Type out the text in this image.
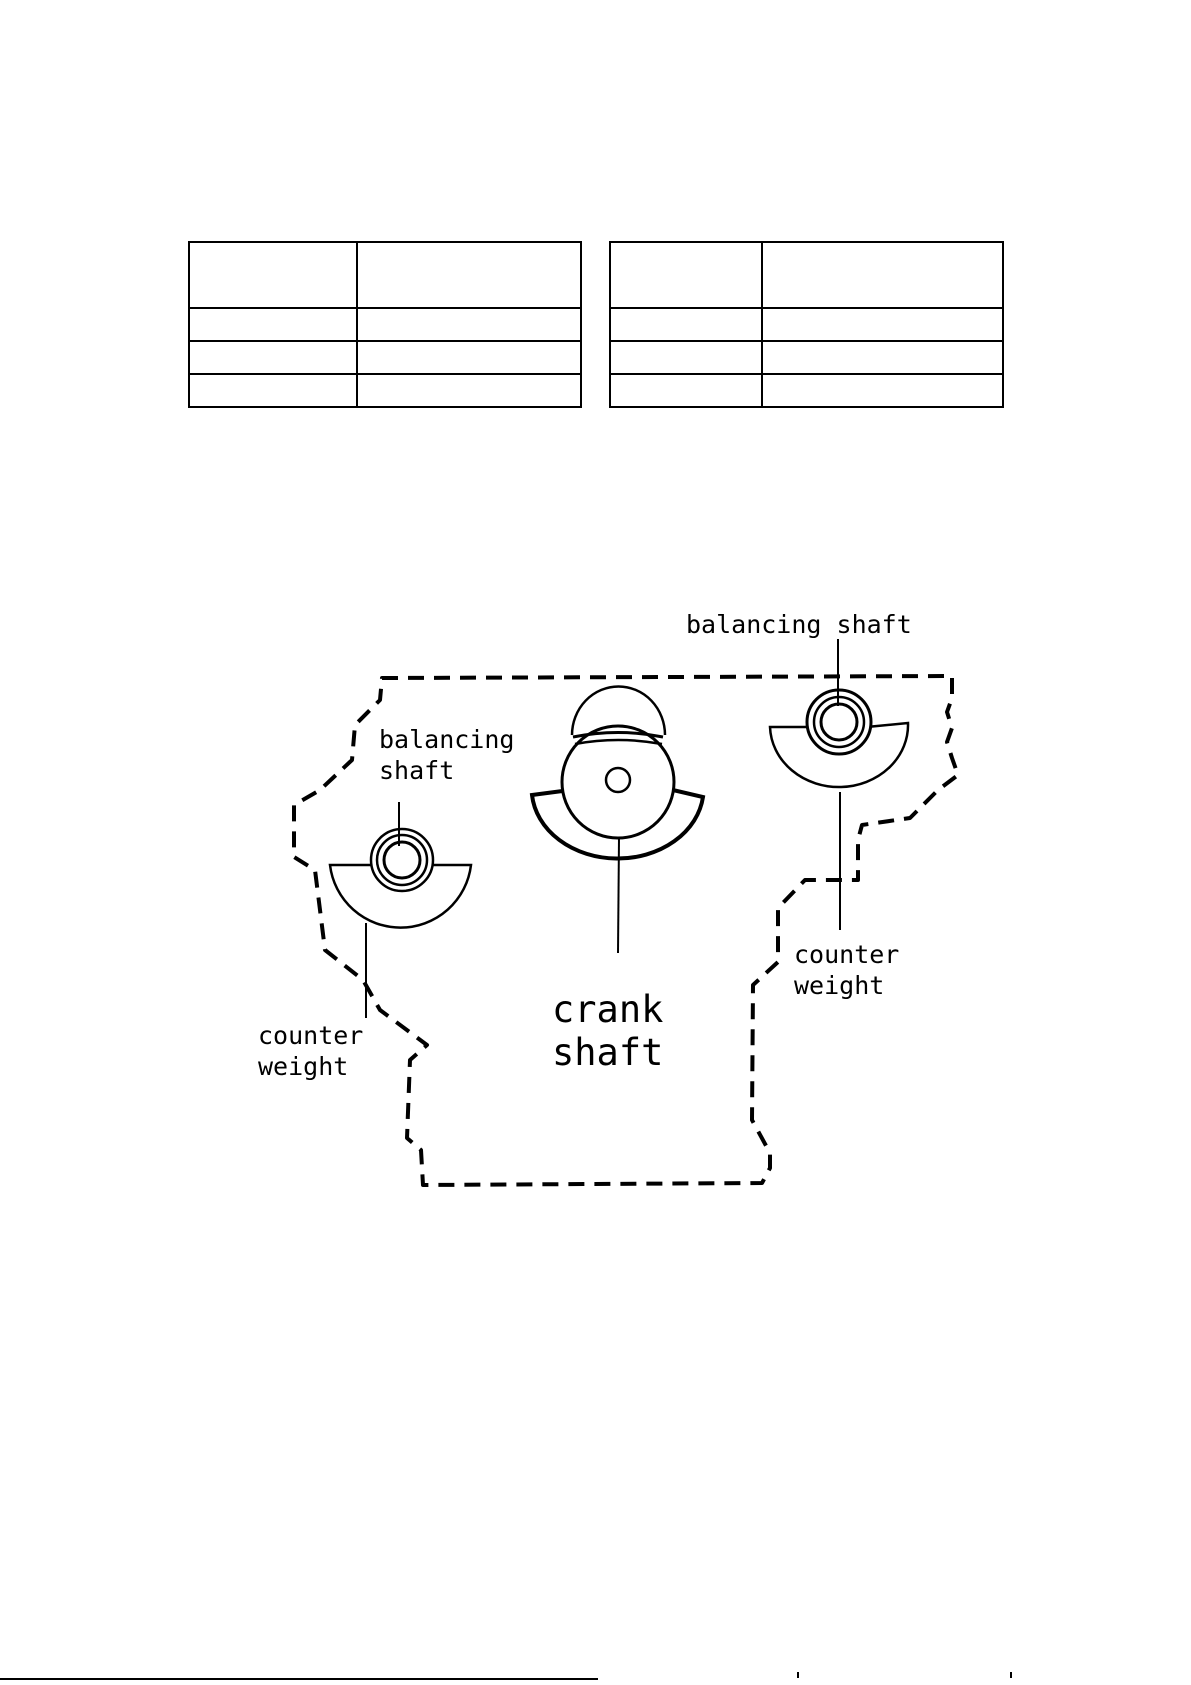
balancing shaft
balancing
shaft
crank
shaft
counter
weight
counter
weight
